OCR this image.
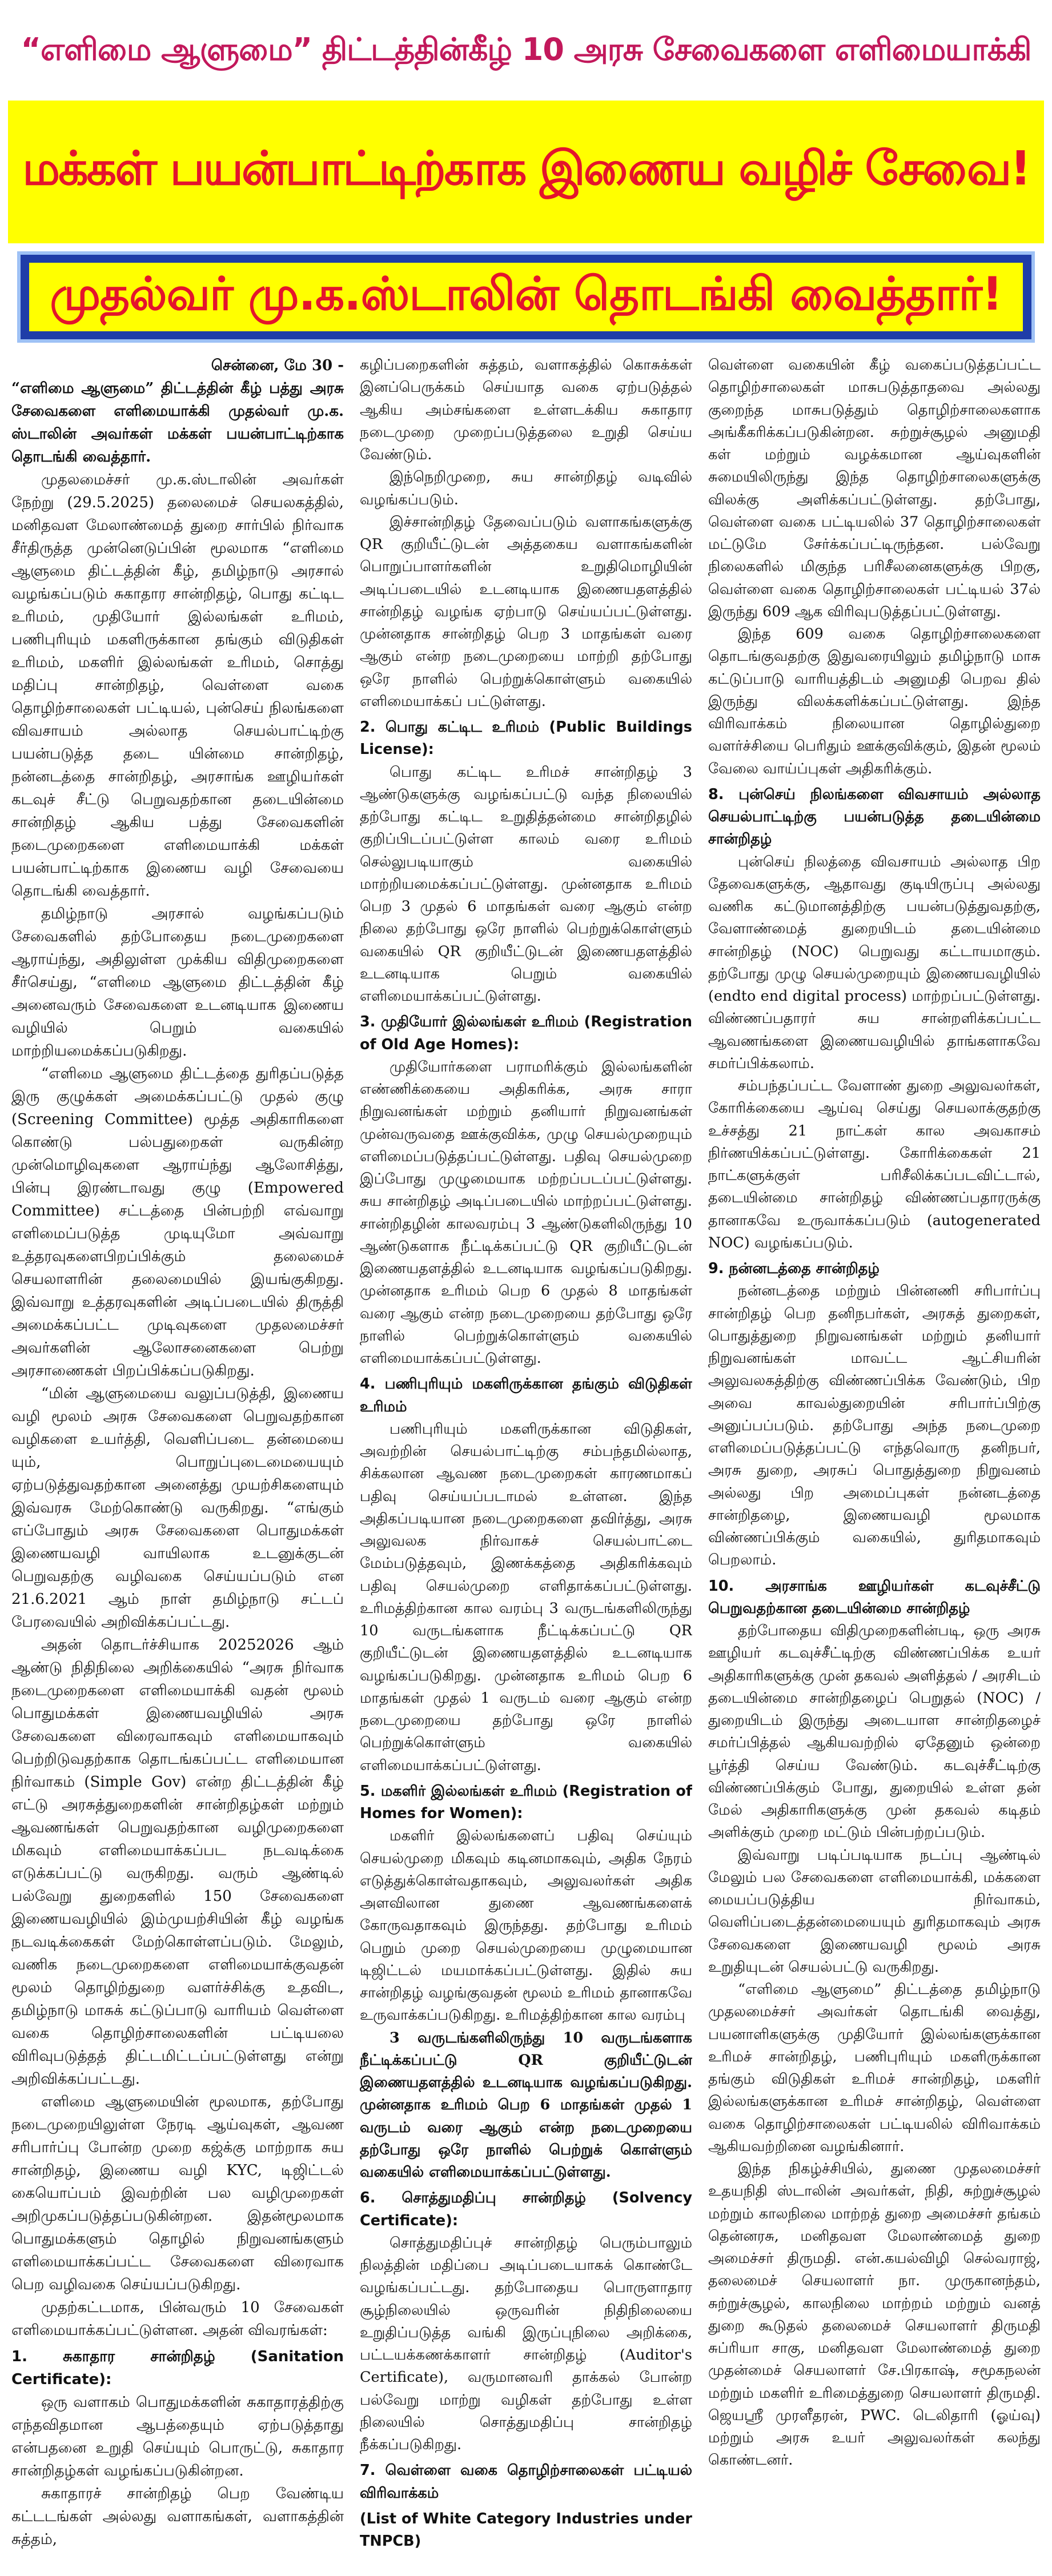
“எளிமை ஆளுமை” திட்டத்தின்கீழ் 10 அரசு சேவைகளை எளிமையாக்கி
மக்கள் பயன்பாட்டிற்காக இணைய வழிச் சேவை!
முதல்வர் மு.க.ஸ்டாலின் தொடங்கி வைத்தார்!

சென்னை, மே 30 -

“எளிமை ஆளுமை” திட்டத்தின் கீழ் பத்து அரசு சேவைகளை எளிமையாக்கி முதல்வர் மு.க. ஸ்டாலின் அவர்கள் மக்கள் பயன்பாட்டிற்காக தொடங்கி வைத்தார்.

முதலமைச்சர் மு.க.ஸ்டாலின் அவர்கள் நேற்று (29.5.2025) தலைமைச் செயலகத்தில், மனிதவள மேலாண்மைத் துறை சார்பில் நிர்வாக சீர்திருத்த முன்னெடுப்பின் மூலமாக “எளிமை ஆளுமை திட்டத்தின் கீழ், தமிழ்நாடு அரசால் வழங்கப்படும் சுகாதார சான்றிதழ், பொது கட்டிட உரிமம், முதியோர் இல்லங்கள் உரிமம், பணிபுரியும் மகளிருக்கான தங்கும் விடுதிகள் உரிமம், மகளிர் இல்லங்கள் உரிமம், சொத்து மதிப்பு சான்றிதழ், வெள்ளை வகை தொழிற்சாலைகள் பட்டியல், புன்செய் நிலங்களை விவசாயம் அல்லாத செயல்பாட்டிற்கு பயன்படுத்த தடை யின்மை சான்றிதழ், நன்னடத்தை சான்றிதழ், அரசாங்க ஊழியர்கள் கடவுச் சீட்டு பெறுவதற்கான தடையின்மை சான்றிதழ் ஆகிய பத்து சேவைகளின் நடைமுறைகளை எளிமையாக்கி மக்கள் பயன்பாட்டிற்காக இணைய வழி சேவையை தொடங்கி வைத்தார்.

தமிழ்நாடு அரசால் வழங்கப்படும் சேவைகளில் தற்போதைய நடைமுறைகளை ஆராய்ந்து, அதிலுள்ள முக்கிய விதிமுறைகளை சீர்செய்து, “எளிமை ஆளுமை திட்டத்தின் கீழ் அனைவரும் சேவைகளை உடனடியாக இணைய வழியில் பெறும் வகையில் மாற்றியமைக்கப்படுகிறது.

“எளிமை ஆளுமை திட்டத்தை துரிதப்படுத்த இரு குழுக்கள் அமைக்கப்பட்டு முதல் குழு (Screening Committee) மூத்த அதிகாரிகளை கொண்டு பல்பதுறைகள் வருகின்ற முன்மொழிவுகளை ஆராய்ந்து ஆலோசித்து, பின்பு இரண்டாவது குழு (Empowered Committee) சட்டத்தை பின்பற்றி எவ்வாறு எளிமைப்படுத்த முடியுமோ அவ்வாறு உத்தரவுகளைபிறப்பிக்கும் தலைமைச் செயலாளரின் தலைமையில் இயங்குகிறது. இவ்வாறு உத்தரவுகளின் அடிப்படையில் திருத்தி அமைக்கப்பட்ட முடிவுகளை முதலமைச்சர் அவர்களின் ஆலோசனைகளை பெற்று அரசாணைகள் பிறப்பிக்கப்படுகிறது.

“மின் ஆளுமையை வலுப்படுத்தி, இணைய வழி மூலம் அரசு சேவைகளை பெறுவதற்கான வழிகளை உயர்த்தி, வெளிப்படை தன்மையை யும், பொறுப்புடைமையையும் ஏற்படுத்துவதற்கான அனைத்து முயற்சிகளையும் இவ்வரசு மேற்கொண்டு வருகிறது. “எங்கும் எப்போதும் அரசு சேவைகளை பொதுமக்கள் இணையவழி வாயிலாக உடனுக்குடன் பெறுவதற்கு வழிவகை செய்யப்படும் என 21.6.2021 ஆம் நாள் தமிழ்நாடு சட்டப் பேரவையில் அறிவிக்கப்பட்டது.

அதன் தொடர்ச்சியாக 20252026 ஆம் ஆண்டு நிதிநிலை அறிக்கையில் “அரசு நிர்வாக நடைமுறைகளை எளிமையாக்கி வதன் மூலம் பொதுமக்கள் இணையவழியில் அரசு சேவைகளை விரைவாகவும் எளிமையாகவும் பெற்றிடுவதற்காக தொடங்கப்பட்ட எளிமையான நிர்வாகம் (Simple Gov) என்ற திட்டத்தின் கீழ் எட்டு அரசுத்துறைகளின் சான்றிதழ்கள் மற்றும் ஆவணங்கள் பெறுவதற்கான வழிமுறைகளை மிகவும் எளிமையாக்கப்பட நடவடிக்கை எடுக்கப்பட்டு வருகிறது. வரும் ஆண்டில் பல்வேறு துறைகளில் 150 சேவைகளை இணையவழியில் இம்முயற்சியின் கீழ் வழங்க நடவடிக்கைகள் மேற்கொள்ளப்படும். மேலும், வணிக நடைமுறைகளை எளிமையாக்குவதன் மூலம் தொழிற்துறை வளர்ச்சிக்கு உதவிட, தமிழ்நாடு மாசுக் கட்டுப்பாடு வாரியம் வெள்ளை வகை தொழிற்சாலைகளின் பட்டியலை விரிவுபடுத்தத் திட்டமிட்டப்பட்டுள்ளது என்று அறிவிக்கப்பட்டது.

எளிமை ஆளுமையின் மூலமாக, தற்போது நடைமுறையிலுள்ள நேரடி ஆய்வுகள், ஆவண சரிபார்ப்பு போன்ற முறை கஜ்க்கு மாற்றாக சுய சான்றிதழ், இணைய வழி KYC, டிஜிட்டல் கையொப்பம் இவற்றின் பல வழிமுறைகள் அறிமுகப்படுத்தப்படுகின்றன. இதன்மூலமாக பொதுமக்களும் தொழில் நிறுவனங்களும் எளிமையாக்கப்பட்ட சேவைகளை விரைவாக பெற வழிவகை செய்யப்படுகிறது.

முதற்கட்டமாக, பின்வரும் 10 சேவைகள் எளிமையாக்கப்பட்டுள்ளன. அதன் விவரங்கள்:

1. சுகாதார சான்றிதழ் (Sanitation Certificate):

ஒரு வளாகம் பொதுமக்களின் சுகாதாரத்திற்கு எந்தவிதமான ஆபத்தையும் ஏற்படுத்தாது என்பதனை உறுதி செய்யும் பொருட்டு, சுகாதார சான்றிதழ்கள் வழங்கப்படுகின்றன.

சுகாதாரச் சான்றிதழ் பெற வேண்டிய கட்டடங்கள் அல்லது வளாகங்கள், வளாகத்தின் சுத்தம்,

கழிப்பறைகளின் சுத்தம், வளாகத்தில் கொசுக்கள் இனப்பெருக்கம் செய்யாத வகை ஏற்படுத்தல் ஆகிய அம்சங்களை உள்ளடக்கிய சுகாதார நடைமுறை முறைப்படுத்தலை உறுதி செய்ய வேண்டும்.

இந்நெறிமுறை, சுய சான்றிதழ் வடிவில் வழங்கப்படும்.

இச்சான்றிதழ் தேவைப்படும் வளாகங்களுக்கு QR குறியீட்டுடன் அத்தகைய வளாகங்களின் பொறுப்பாளர்களின் உறுதிமொழியின் அடிப்படையில் உடனடியாக இணையதளத்தில் சான்றிதழ் வழங்க ஏற்பாடு செய்யப்பட்டுள்ளது. முன்னதாக சான்றிதழ் பெற 3 மாதங்கள் வரை ஆகும் என்ற நடைமுறையை மாற்றி தற்போது ஒரே நாளில் பெற்றுக்கொள்ளும் வகையில் எளிமையாக்கப் பட்டுள்ளது.

2. பொது கட்டிட உரிமம் (Public Buildings License):

பொது கட்டிட உரிமச் சான்றிதழ் 3 ஆண்டுகளுக்கு வழங்கப்பட்டு வந்த நிலையில் தற்போது கட்டிட உறுதித்தன்மை சான்றிதழில் குறிப்பிடப்பட்டுள்ள காலம் வரை உரிமம் செல்லுபடியாகும் வகையில் மாற்றியமைக்கப்பட்டுள்ளது. முன்னதாக உரிமம் பெற 3 முதல் 6 மாதங்கள் வரை ஆகும் என்ற நிலை தற்போது ஒரே நாளில் பெற்றுக்கொள்ளும் வகையில் QR குறியீட்டுடன் இணையதளத்தில் உடனடியாக பெறும் வகையில் எளிமையாக்கப்பட்டுள்ளது.

3. முதியோர் இல்லங்கள் உரிமம் (Registration of Old Age Homes):

முதியோர்களை பராமரிக்கும் இல்லங்களின் எண்ணிக்கையை அதிகரிக்க, அரசு சாரா நிறுவனங்கள் மற்றும் தனியார் நிறுவனங்கள் முன்வருவதை ஊக்குவிக்க, முழு செயல்முறையும் எளிமைப்படுத்தப்பட்டுள்ளது. பதிவு செயல்முறை இப்போது முழுமையாக மற்றப்படப்பட்டுள்ளது. சுய சான்றிதழ் அடிப்படையில் மாற்றப்பட்டுள்ளது. சான்றிதழின் காலவரம்பு 3 ஆண்டுகளிலிருந்து 10 ஆண்டுகளாக நீட்டிக்கப்பட்டு QR குறியீட்டுடன் இணையதளத்தில் உடனடியாக வழங்கப்படுகிறது. முன்னதாக உரிமம் பெற 6 முதல் 8 மாதங்கள் வரை ஆகும் என்ற நடைமுறையை தற்போது ஒரே நாளில் பெற்றுக்கொள்ளும் வகையில் எளிமையாக்கப்பட்டுள்ளது.

4. பணிபுரியும் மகளிருக்கான தங்கும் விடுதிகள் உரிமம்

பணிபுரியும் மகளிருக்கான விடுதிகள், அவற்றின் செயல்பாட்டிற்கு சம்பந்தமில்லாத, சிக்கலான ஆவண நடைமுறைகள் காரணமாகப் பதிவு செய்யப்படாமல் உள்ளன. இந்த அதிகப்படியான நடைமுறைகளை தவிர்த்து, அரசு அலுவலக நிர்வாகச் செயல்பாட்டை மேம்படுத்தவும், இணக்கத்தை அதிகரிக்கவும் பதிவு செயல்முறை எளிதாக்கப்பட்டுள்ளது. உரிமத்திற்கான கால வரம்பு 3 வருடங்களிலிருந்து 10 வருடங்களாக நீட்டிக்கப்பட்டு QR குறியீட்டுடன் இணையதளத்தில் உடனடியாக வழங்கப்படுகிறது. முன்னதாக உரிமம் பெற 6 மாதங்கள் முதல் 1 வருடம் வரை ஆகும் என்ற நடைமுறையை தற்போது ஒரே நாளில் பெற்றுக்கொள்ளும் வகையில் எளிமையாக்கப்பட்டுள்ளது.

5. மகளிர் இல்லங்கள் உரிமம் (Registration of Homes for Women):

மகளிர் இல்லங்களைப் பதிவு செய்யும் செயல்முறை மிகவும் கடினமாகவும், அதிக நேரம் எடுத்துக்கொள்வதாகவும், அலுவலர்கள் அதிக அளவிலான துணை ஆவணங்களைக் கோருவதாகவும் இருந்தது. தற்போது உரிமம் பெறும் முறை செயல்முறையை முழுமையான டிஜிட்டல் மயமாக்கப்பட்டுள்ளது. இதில் சுய சான்றிதழ் வழங்குவதன் மூலம் உரிமம் தானாகவே உருவாக்கப்படுகிறது. உரிமத்திற்கான கால வரம்பு

3 வருடங்களிலிருந்து 10 வருடங்களாக நீட்டிக்கப்பட்டு QR குறியீட்டுடன் இணையதளத்தில் உடனடியாக வழங்கப்படுகிறது. முன்னதாக உரிமம் பெற 6 மாதங்கள் முதல் 1 வருடம் வரை ஆகும் என்ற நடைமுறையை தற்போது ஒரே நாளில் பெற்றுக் கொள்ளும் வகையில் எளிமையாக்கப்பட்டுள்ளது.

6. சொத்துமதிப்பு சான்றிதழ் (Solvency Certificate):

சொத்துமதிப்புச் சான்றிதழ் பெரும்பாலும் நிலத்தின் மதிப்பை அடிப்படையாகக் கொண்டே வழங்கப்பட்டது. தற்போதைய பொருளாதார சூழ்நிலையில் ஒருவரின் நிதிநிலையை உறுதிப்படுத்த வங்கி இருப்புநிலை அறிக்கை, பட்டயக்கணக்காளர் சான்றிதழ் (Auditor's Certificate), வருமானவரி தாக்கல் போன்ற பல்வேறு மாற்று வழிகள் தற்போது உள்ள நிலையில் சொத்துமதிப்பு சான்றிதழ் நீக்கப்படுகிறது.

7. வெள்ளை வகை தொழிற்சாலைகள் பட்டியல் விரிவாக்கம்
(List of White Category Industries under TNPCB)

வெள்ளை வகையின் கீழ் வகைப்படுத்தப்பட்ட தொழிற்சாலைகள் மாசுபடுத்தாதவை அல்லது குறைந்த மாசுபடுத்தும் தொழிற்சாலைகளாக அங்கீகரிக்கப்படுகின்றன. சுற்றுச்சூழல் அனுமதி கள் மற்றும் வழக்கமான ஆய்வுகளின் சுமையிலிருந்து இந்த தொழிற்சாலைகளுக்கு விலக்கு அளிக்கப்பட்டுள்ளது. தற்போது, வெள்ளை வகை பட்டியலில் 37 தொழிற்சாலைகள் மட்டுமே சேர்க்கப்பட்டிருந்தன. பல்வேறு நிலைகளில் மிகுந்த பரிசீலனைகளுக்கு பிறகு, வெள்ளை வகை தொழிற்சாலைகள் பட்டியல் 37ல் இருந்து 609 ஆக விரிவுபடுத்தப்பட்டுள்ளது.

இந்த 609 வகை தொழிற்சாலைகளை தொடங்குவதற்கு இதுவரையிலும் தமிழ்நாடு மாசு கட்டுப்பாடு வாரியத்திடம் அனுமதி பெறவ தில் இருந்து விலக்களிக்கப்பட்டுள்ளது. இந்த விரிவாக்கம் நிலையான தொழில்துறை வளர்ச்சியை பெரிதும் ஊக்குவிக்கும், இதன் மூலம் வேலை வாய்ப்புகள் அதிகரிக்கும்.

8. புன்செய் நிலங்களை விவசாயம் அல்லாத செயல்பாட்டிற்கு பயன்படுத்த தடையின்மை சான்றிதழ்

புன்செய் நிலத்தை விவசாயம் அல்லாத பிற தேவைகளுக்கு, ஆதாவது குடியிருப்பு அல்லது வணிக கட்டுமானத்திற்கு பயன்படுத்துவதற்கு, வேளாண்மைத் துறையிடம் தடையின்மை சான்றிதழ் (NOC) பெறுவது கட்டாயமாகும். தற்போது முழு செயல்முறையும் இணையவழியில் (endto end digital process) மாற்றப்பட்டுள்ளது. விண்ணப்பதாரர் சுய சான்றளிக்கப்பட்ட ஆவணங்களை இணையவழியில் தாங்களாகவே சமர்ப்பிக்கலாம்.

சம்பந்தப்பட்ட வேளாண் துறை அலுவலர்கள், கோரிக்கையை ஆய்வு செய்து செயலாக்குதற்கு உச்சத்து 21 நாட்கள் கால அவகாசம் நிர்ணயிக்கப்பட்டுள்ளது. கோரிக்கைகள் 21 நாட்களுக்குள் பரிசீலிக்கப்படவிட்டால், தடையின்மை சான்றிதழ் விண்ணப்பதாரருக்கு தானாகவே உருவாக்கப்படும் (autogenerated NOC) வழங்கப்படும்.

9. நன்னடத்தை சான்றிதழ்

நன்னடத்தை மற்றும் பின்னணி சரிபார்ப்பு சான்றிதழ் பெற தனிநபர்கள், அரசுத் துறைகள், பொதுத்துறை நிறுவனங்கள் மற்றும் தனியார் நிறுவனங்கள் மாவட்ட ஆட்சியரின் அலுவலகத்திற்கு விண்ணப்பிக்க வேண்டும், பிற அவை காவல்துறையின் சரிபார்ப்பிற்கு அனுப்பப்படும். தற்போது அந்த நடைமுறை எளிமைப்படுத்தப்பட்டு எந்தவொரு தனிநபர், அரசு துறை, அரசுப் பொதுத்துறை நிறுவனம் அல்லது பிற அமைப்புகள் நன்னடத்தை சான்றிதழை, இணையவழி மூலமாக விண்ணப்பிக்கும் வகையில், துரிதமாகவும் பெறலாம்.

10. அரசாங்க ஊழியர்கள் கடவுச்சீட்டு பெறுவதற்கான தடையின்மை சான்றிதழ்

தற்போதைய விதிமுறைகளின்படி, ஒரு அரசு ஊழியர் கடவுச்சீட்டிற்கு விண்ணப்பிக்க உயர் அதிகாரிகளுக்கு முன் தகவல் அளித்தல் / அரசிடம் தடையின்மை சான்றிதழைப் பெறுதல் (NOC) / துறையிடம் இருந்து அடையாள சான்றிதழைச் சமர்ப்பித்தல் ஆகியவற்றில் ஏதேனும் ஒன்றை பூர்த்தி செய்ய வேண்டும். கடவுச்சீட்டிற்கு விண்ணப்பிக்கும் போது, துறையில் உள்ள தன் மேல் அதிகாரிகளுக்கு முன் தகவல் கடிதம் அளிக்கும் முறை மட்டும் பின்பற்றப்படும்.

இவ்வாறு படிப்படியாக நடப்பு ஆண்டில் மேலும் பல சேவைகளை எளிமையாக்கி, மக்களை மையப்படுத்திய நிர்வாகம், வெளிப்படைத்தன்மையையும் துரிதமாகவும் அரசு சேவைகளை இணையவழி மூலம் அரசு உறுதியுடன் செயல்பட்டு வருகிறது.

“எளிமை ஆளுமை” திட்டத்தை தமிழ்நாடு முதலமைச்சர் அவர்கள் தொடங்கி வைத்து, பயனாளிகளுக்கு முதியோர் இல்லங்களுக்கான உரிமச் சான்றிதழ், பணிபுரியும் மகளிருக்கான தங்கும் விடுதிகள் உரிமச் சான்றிதழ், மகளிர் இல்லங்களுக்கான உரிமச் சான்றிதழ், வெள்ளை வகை தொழிற்சாலைகள் பட்டியலில் விரிவாக்கம் ஆகியவற்றினை வழங்கினார்.

இந்த நிகழ்ச்சியில், துணை முதலமைச்சர் உதயநிதி ஸ்டாலின் அவர்கள், நிதி, சுற்றுச்சூழல் மற்றும் காலநிலை மாற்றத் துறை அமைச்சர் தங்கம் தென்னரசு, மனிதவள மேலாண்மைத் துறை அமைச்சர் திருமதி. என்.கயல்விழி செல்வராஜ், தலைமைச் செயலாளர் நா. முருகானந்தம், சுற்றுச்சூழல், காலநிலை மாற்றம் மற்றும் வனத் துறை கூடுதல் தலைமைச் செயலாளர் திருமதி சுப்ரியா சாகு, மனிதவள மேலாண்மைத் துறை முதன்மைச் செயலாளர் சே.பிரகாஷ், சமூகநலன் மற்றும் மகளிர் உரிமைத்துறை செயலாளர் திருமதி. ஜெயஸ்ரீ முரளீதரன், PWC. டெலிதாரி (ஓய்வு) மற்றும் அரசு உயர் அலுவலர்கள் கலந்து கொண்டனர்.
